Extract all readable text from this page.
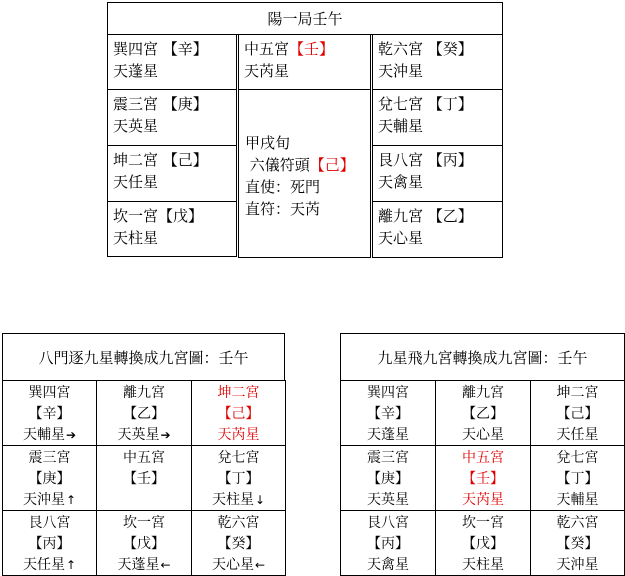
陽一局壬午
巽四宮 【辛】
天蓬星
震三宮 【庚】
天英星
坤二宮 【己】
天任星
坎一宮【戊】
天柱星
中五宮【壬】
天芮星
甲戌旬
六儀符頭【己】
直使：死門
直符：天芮
乾六宮 【癸】
天沖星
兌七宮 【丁】
天輔星
艮八宮 【丙】
天禽星
離九宮 【乙】
天心星
八門逐九星轉換成九宮圖：壬午
巽四宮
【辛】
天輔星➔
離九宮
【乙】
天英星➔
坤二宮
【己】
天芮星
震三宮
【庚】
天沖星↑
中五宮
【壬】
兌七宮
【丁】
天柱星↓
艮八宮
【丙】
天任星↑
坎一宮
【戊】
天蓬星←
乾六宮
【癸】
天心星←
九星飛九宮轉換成九宮圖：壬午
巽四宮
【辛】
天蓬星
離九宮
【乙】
天心星
坤二宮
【己】
天任星
震三宮
【庚】
天英星
中五宮
【壬】
天芮星
兌七宮
【丁】
天輔星
艮八宮
【丙】
天禽星
坎一宮
【戊】
天柱星
乾六宮
【癸】
天沖星
